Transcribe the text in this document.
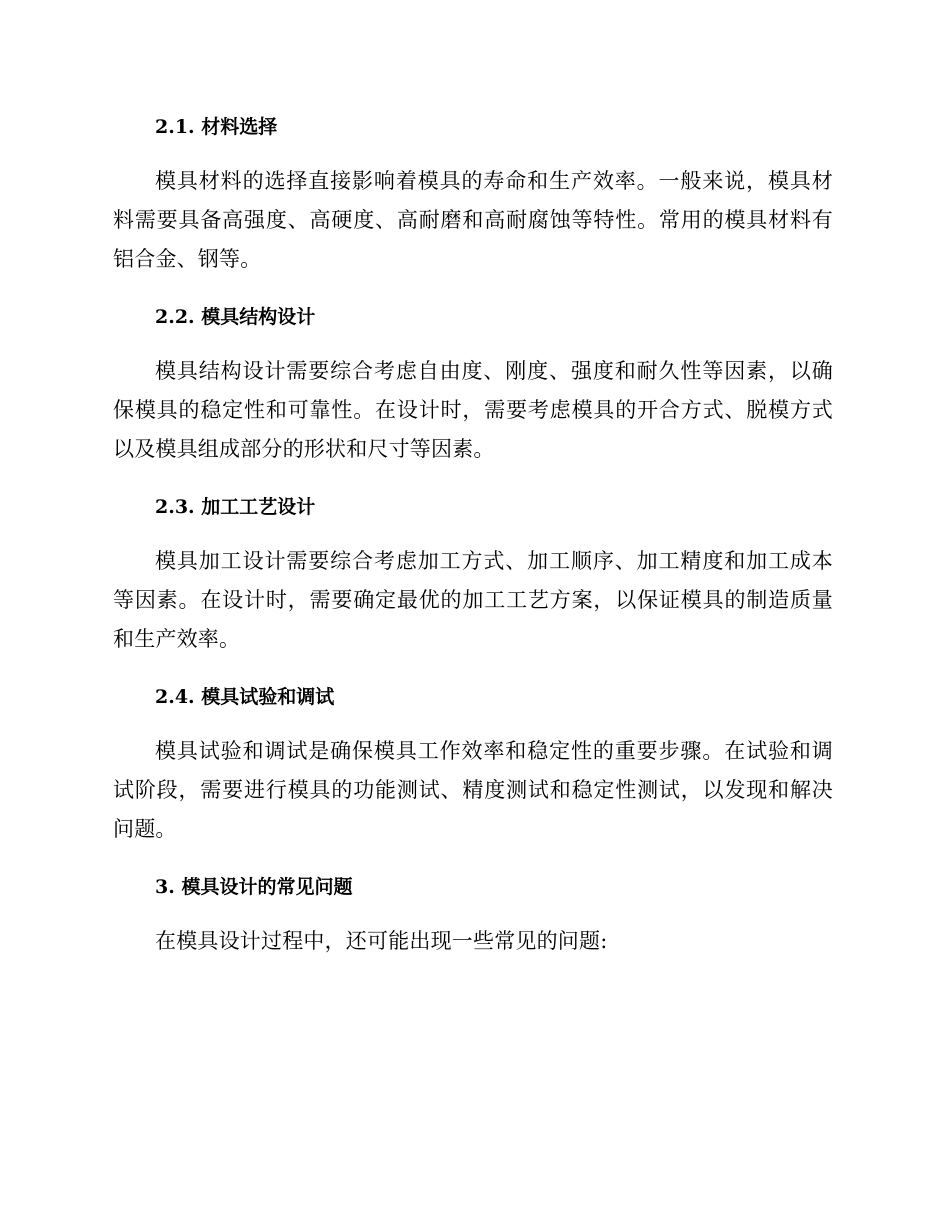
2.1. 材料选择

模具材料的选择直接影响着模具的寿命和生产效率。一般来说，模具材料需要具备高强度、高硬度、高耐磨和高耐腐蚀等特性。常用的模具材料有铝合金、钢等。

2.2. 模具结构设计

模具结构设计需要综合考虑自由度、刚度、强度和耐久性等因素，以确保模具的稳定性和可靠性。在设计时，需要考虑模具的开合方式、脱模方式以及模具组成部分的形状和尺寸等因素。

2.3. 加工工艺设计

模具加工设计需要综合考虑加工方式、加工顺序、加工精度和加工成本等因素。在设计时，需要确定最优的加工工艺方案，以保证模具的制造质量和生产效率。

2.4. 模具试验和调试

模具试验和调试是确保模具工作效率和稳定性的重要步骤。在试验和调试阶段，需要进行模具的功能测试、精度测试和稳定性测试，以发现和解决问题。

3. 模具设计的常见问题

在模具设计过程中，还可能出现一些常见的问题:
